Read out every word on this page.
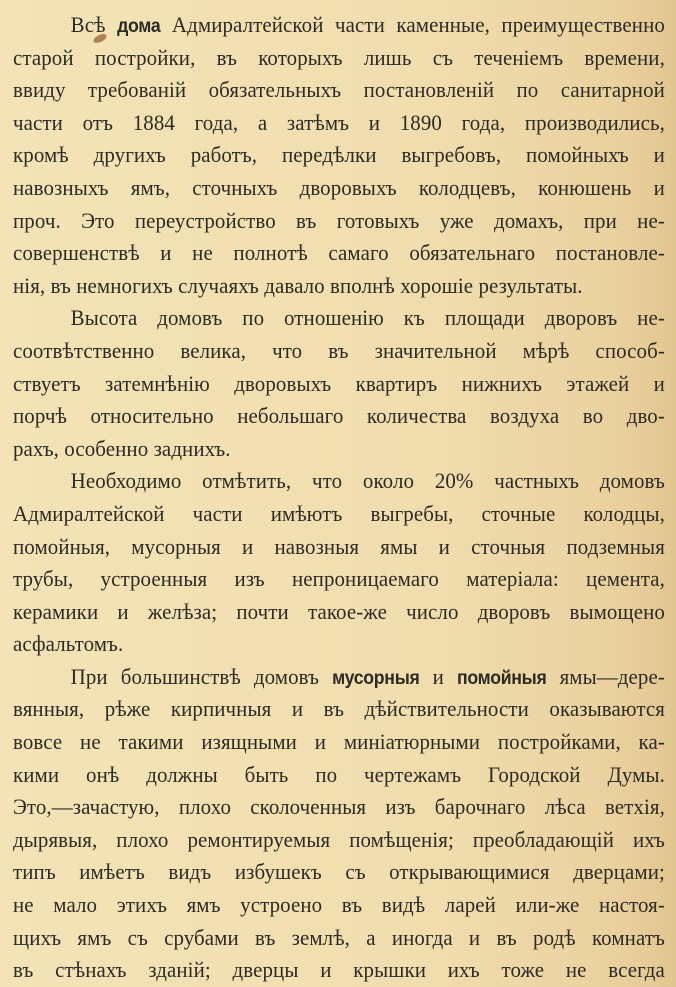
Всѣ дома Адмиралтейской части каменные, преимущественно
старой постройки, въ которыхъ лишь съ теченіемъ времени,
ввиду требованій обязательныхъ постановленій по санитарной
части отъ 1884 года, а затѣмъ и 1890 года, производились,
кромѣ другихъ работъ, передѣлки выгребовъ, помойныхъ и
навозныхъ ямъ, сточныхъ дворовыхъ колодцевъ, конюшень и
проч. Это переустройство въ готовыхъ уже домахъ, при не-
совершенствѣ и не полнотѣ самаго обязательнаго постановле-
нія, въ немногихъ случаяхъ давало вполнѣ хорошіе результаты.
Высота домовъ по отношенію къ площади дворовъ не-
соотвѣтственно велика, что въ значительной мѣрѣ способ-
ствуетъ затемнѣнію дворовыхъ квартиръ нижнихъ этажей и
порчѣ относительно небольшаго количества воздуха во дво-
рахъ, особенно заднихъ.
Необходимо отмѣтить, что около 20% частныхъ домовъ
Адмиралтейской части имѣютъ выгребы, сточные колодцы,
помойныя, мусорныя и навозныя ямы и сточныя подземныя
трубы, устроенныя изъ непроницаемаго матеріала: цемента,
керамики и желѣза; почти такое-же число дворовъ вымощено
асфальтомъ.
При большинствѣ домовъ мусорныя и помойныя ямы—дере-
вянныя, рѣже кирпичныя и въ дѣйствительности оказываются
вовсе не такими изящными и миніатюрными постройками, ка-
кими онѣ должны быть по чертежамъ Городской Думы.
Это,—зачастую, плохо сколоченныя изъ барочнаго лѣса ветхія,
дырявыя, плохо ремонтируемыя помѣщенія; преобладающій ихъ
типъ имѣетъ видъ избушекъ съ открывающимися дверцами;
не мало этихъ ямъ устроено въ видѣ ларей или-же настоя-
щихъ ямъ съ срубами въ землѣ, а иногда и въ родѣ комнатъ
въ стѣнахъ зданій; дверцы и крышки ихъ тоже не всегда
